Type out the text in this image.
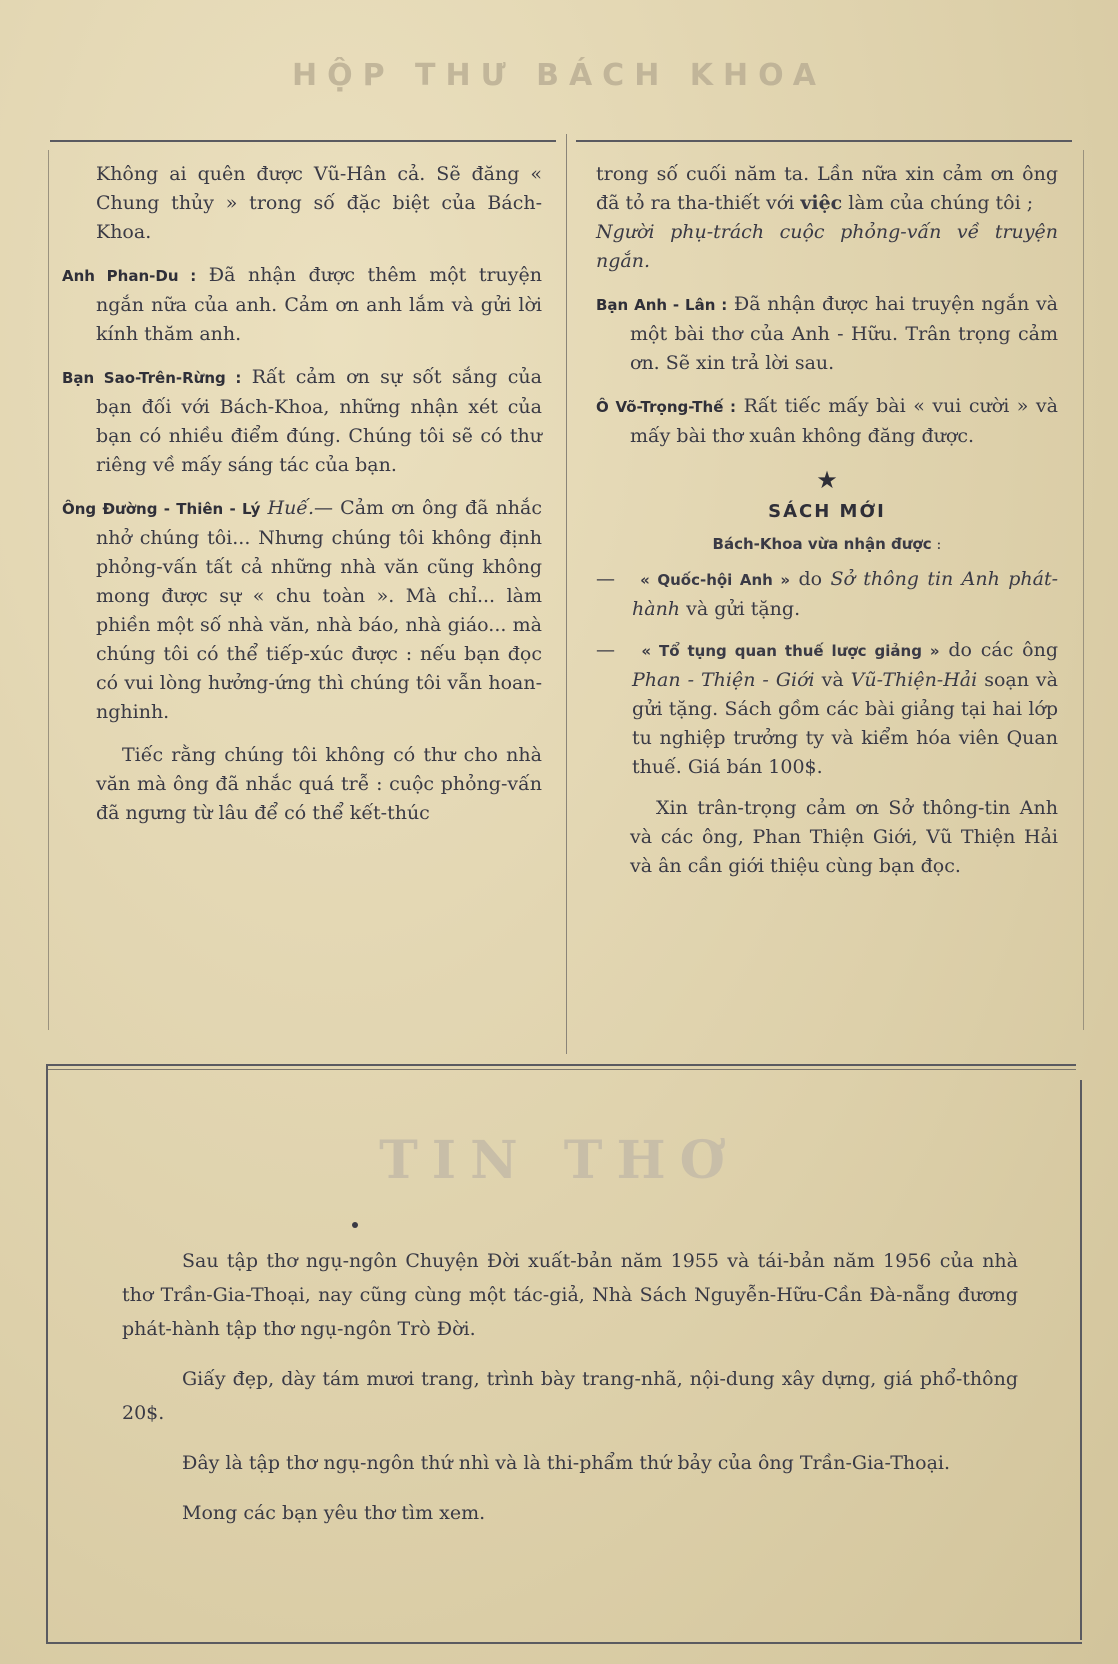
HỘP THƯ BÁCH KHOA

Không ai quên được Vũ-Hân cả. Sẽ đăng « Chung thủy » trong số đặc biệt của Bách-Khoa.

Anh Phan-Du : Đã nhận được thêm một truyện ngắn nữa của anh. Cảm ơn anh lắm và gửi lời kính thăm anh.

Bạn Sao-Trên-Rừng : Rất cảm ơn sự sốt sắng của bạn đối với Bách-Khoa, những nhận xét của bạn có nhiều điểm đúng. Chúng tôi sẽ có thư riêng về mấy sáng tác của bạn.

Ông Đường - Thiên - Lý Huế.— Cảm ơn ông đã nhắc nhở chúng tôi... Nhưng chúng tôi không định phỏng-vấn tất cả những nhà văn cũng không mong được sự « chu toàn ». Mà chỉ... làm phiền một số nhà văn, nhà báo, nhà giáo... mà chúng tôi có thể tiếp-xúc được : nếu bạn đọc có vui lòng hưởng-ứng thì chúng tôi vẫn hoan-nghinh.

Tiếc rằng chúng tôi không có thư cho nhà văn mà ông đã nhắc quá trễ : cuộc phỏng-vấn đã ngưng từ lâu để có thể kết-thúc

trong số cuối năm ta. Lần nữa xin cảm ơn ông đã tỏ ra tha-thiết với việc làm của chúng tôi ;

Người phụ-trách cuộc phỏng-vấn về truyện ngắn.

Bạn Anh - Lân : Đã nhận được hai truyện ngắn và một bài thơ của Anh - Hữu. Trân trọng cảm ơn. Sẽ xin trả lời sau.

Ô Võ-Trọng-Thế : Rất tiếc mấy bài « vui cười » và mấy bài thơ xuân không đăng được.

★
SÁCH MỚI
Bách-Khoa vừa nhận được :

—   « Quốc-hội Anh » do Sở thông tin Anh phát-hành và gửi tặng.

—   « Tổ tụng quan thuế lược giảng » do các ông Phan - Thiện - Giới và Vũ-Thiện-Hải soạn và gửi tặng. Sách gồm các bài giảng tại hai lớp tu nghiệp trưởng ty và kiểm hóa viên Quan thuế. Giá bán 100$.

Xin trân-trọng cảm ơn Sở thông-tin Anh và các ông, Phan Thiện Giới, Vũ Thiện Hải và ân cần giới thiệu cùng bạn đọc.

TIN THƠ

Sau tập thơ ngụ-ngôn Chuyện Đời xuất-bản năm 1955 và tái-bản năm 1956 của nhà thơ Trần-Gia-Thoại, nay cũng cùng một tác-giả, Nhà Sách Nguyễn-Hữu-Cần Đà-nẵng đương phát-hành tập thơ ngụ-ngôn Trò Đời.

Giấy đẹp, dày tám mươi trang, trình bày trang-nhã, nội-dung xây dựng, giá phổ-thông 20$.

Đây là tập thơ ngụ-ngôn thứ nhì và là thi-phẩm thứ bảy của ông Trần-Gia-Thoại.

Mong các bạn yêu thơ tìm xem.
